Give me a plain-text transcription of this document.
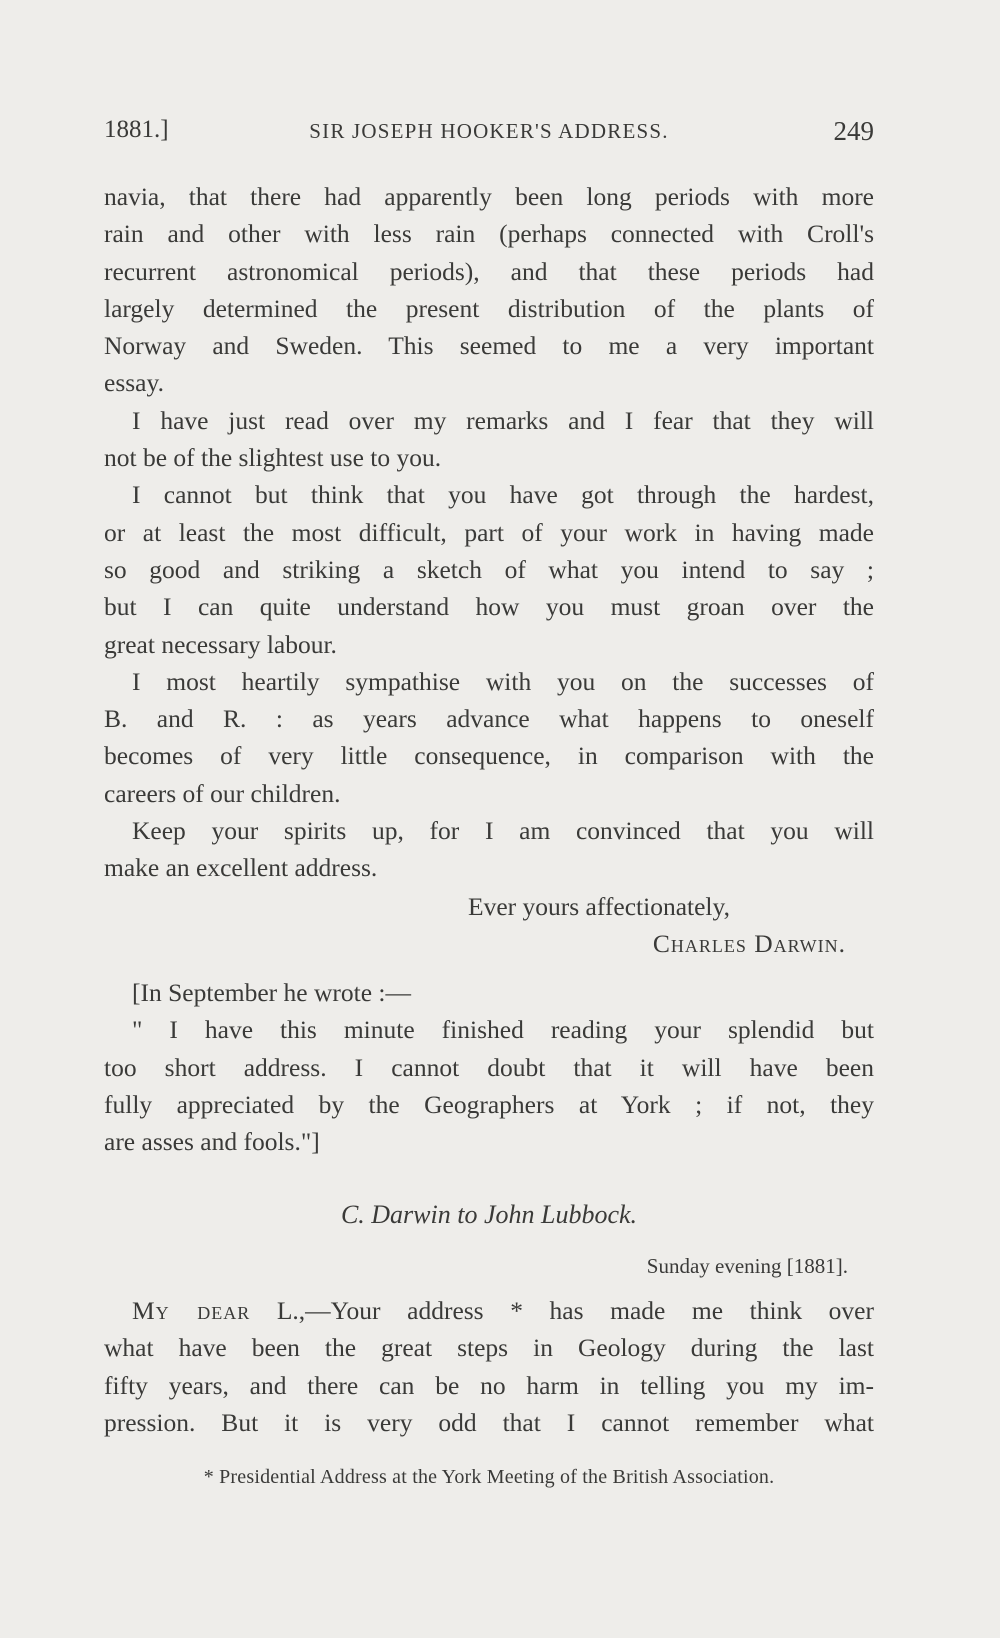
1881.]	SIR JOSEPH HOOKER'S ADDRESS.	249
navia, that there had apparently been long periods with more
rain and other with less rain (perhaps connected with Croll's
recurrent astronomical periods), and that these periods had
largely determined the present distribution of the plants of
Norway and Sweden. This seemed to me a very important
essay.
I have just read over my remarks and I fear that they will
not be of the slightest use to you.
I cannot but think that you have got through the hardest,
or at least the most difficult, part of your work in having made
so good and striking a sketch of what you intend to say ;
but I can quite understand how you must groan over the
great necessary labour.
I most heartily sympathise with you on the successes of
B. and R. : as years advance what happens to oneself
becomes of very little consequence, in comparison with the
careers of our children.
Keep your spirits up, for I am convinced that you will
make an excellent address.
Ever yours affectionately,
Charles Darwin.
[In September he wrote :—
" I have this minute finished reading your splendid but
too short address. I cannot doubt that it will have been
fully appreciated by the Geographers at York ; if not, they
are asses and fools."]
C. Darwin to John Lubbock.
Sunday evening [1881].
My dear L.,—Your address * has made me think over
what have been the great steps in Geology during the last
fifty years, and there can be no harm in telling you my im-
pression. But it is very odd that I cannot remember what
* Presidential Address at the York Meeting of the British Association.
